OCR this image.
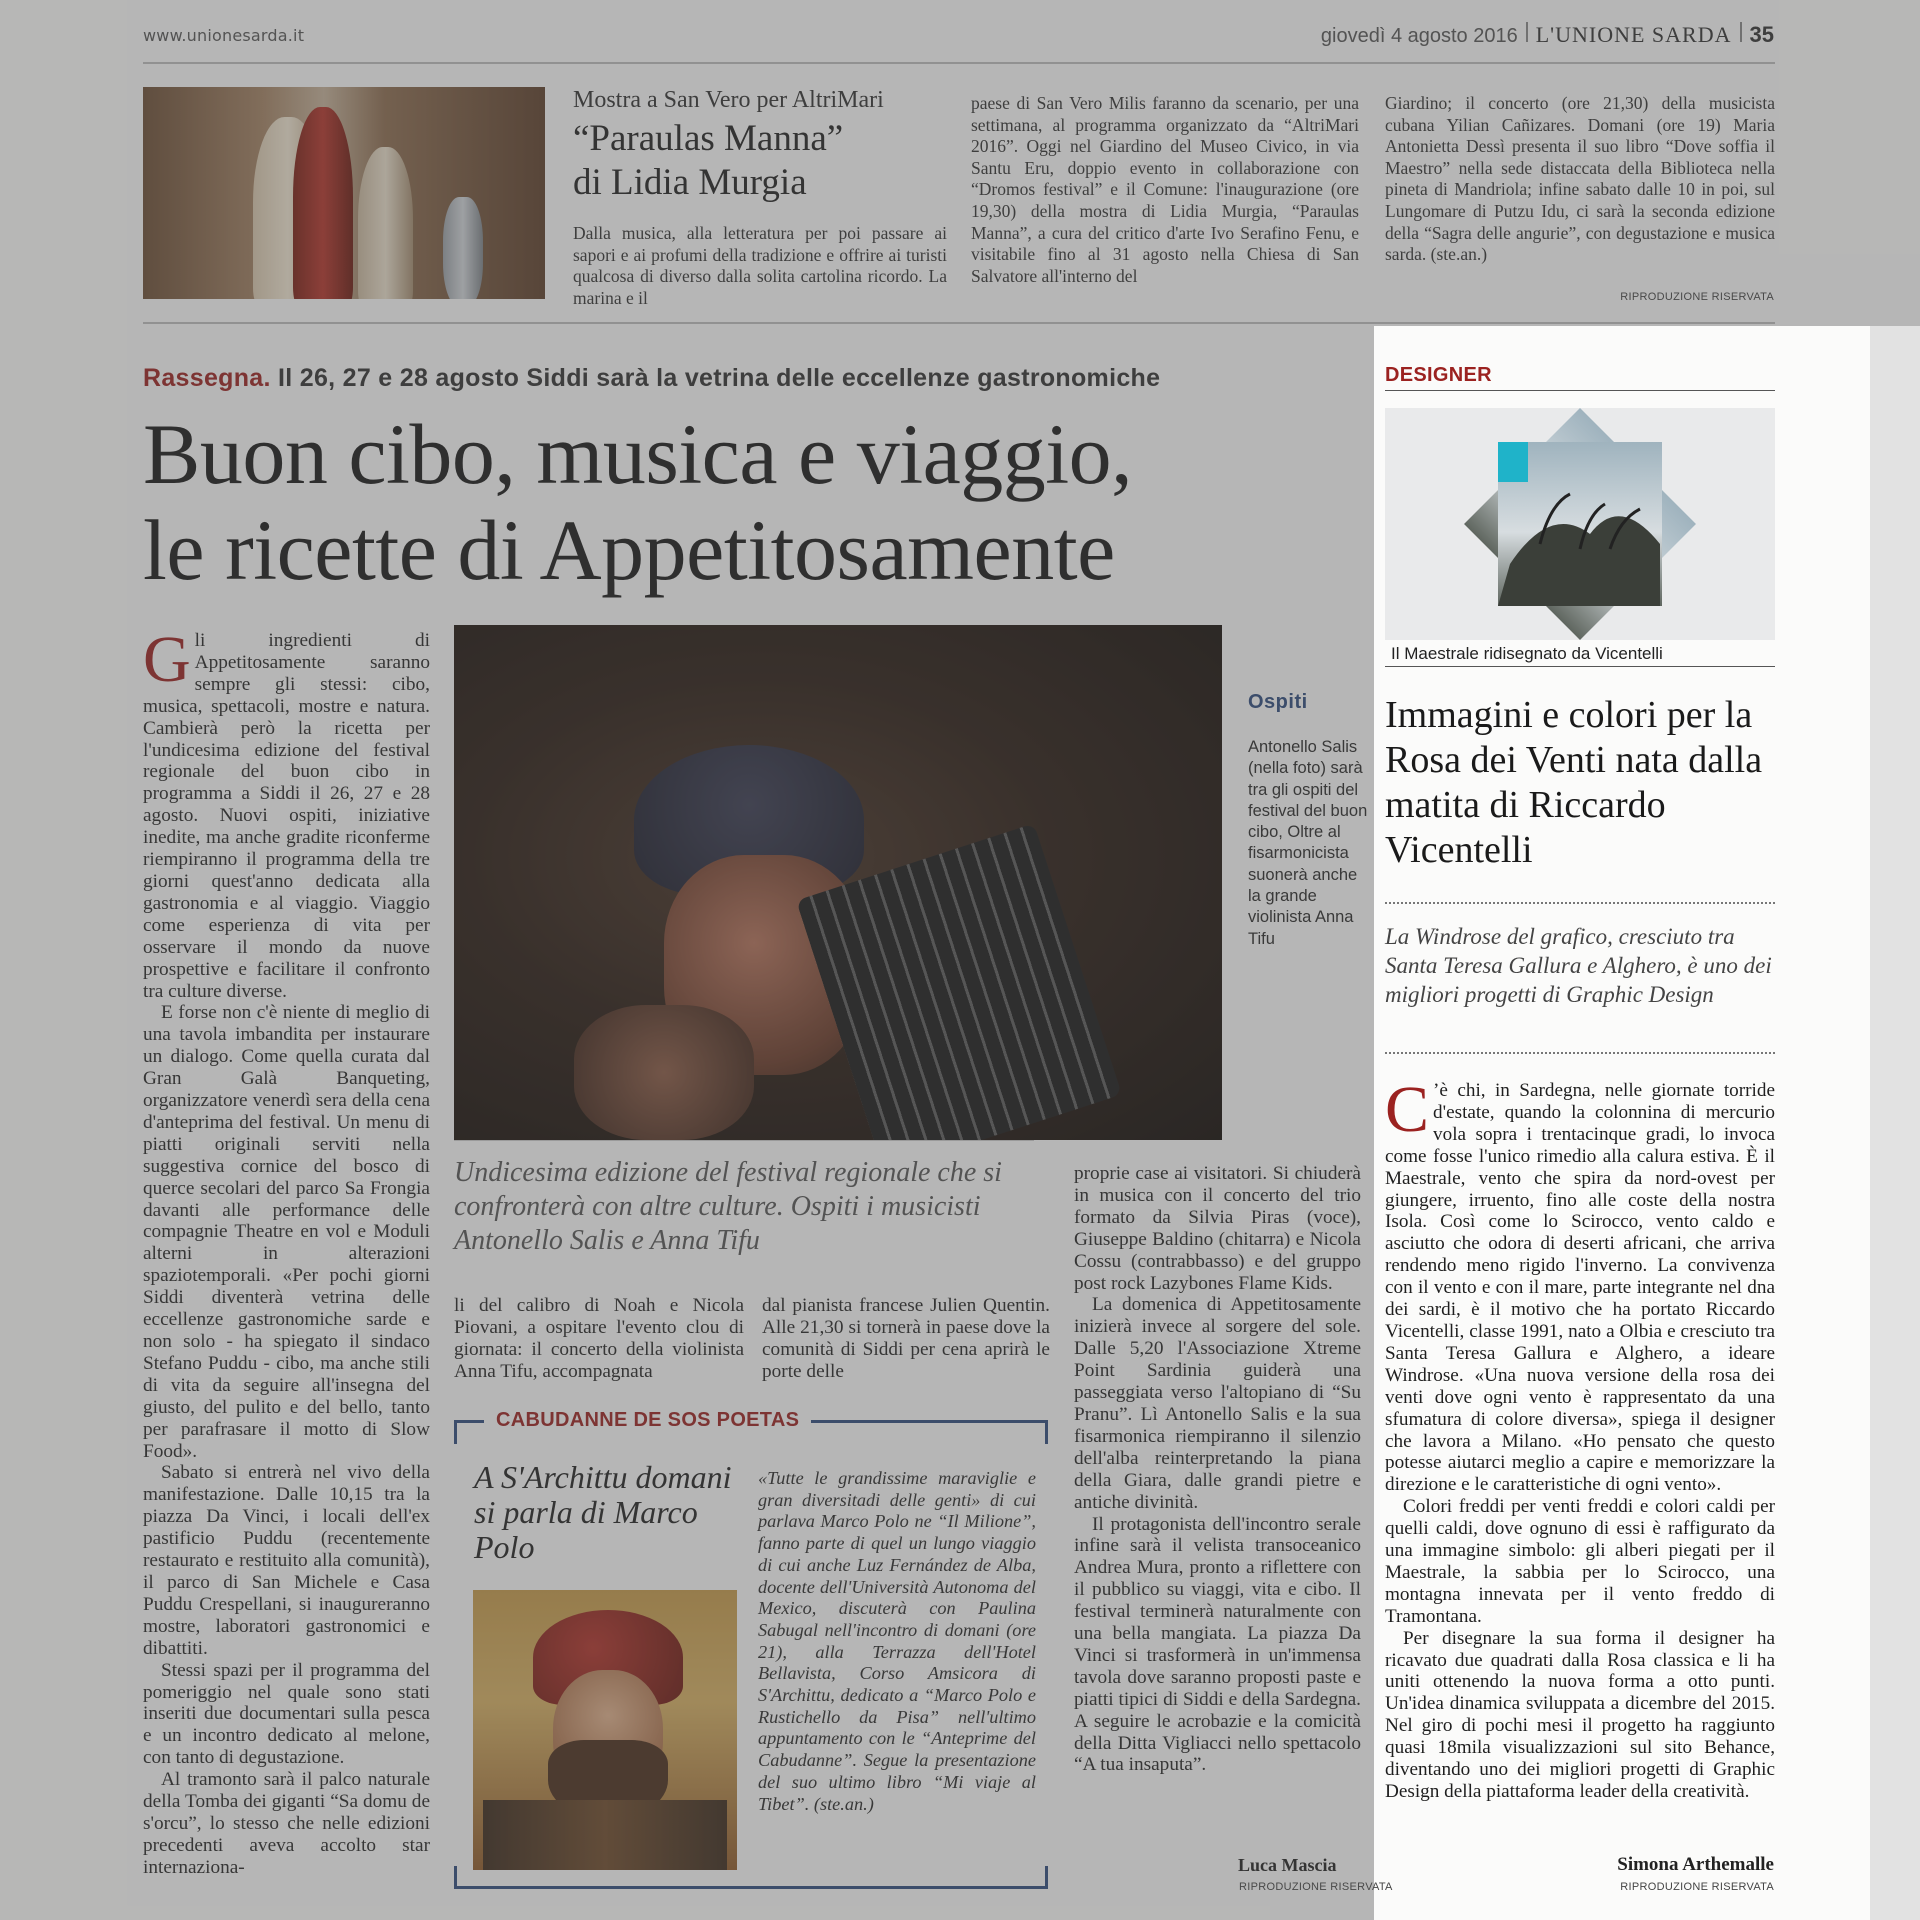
www.unionesarda.it	giovedì 4 agosto 2016 L'UNIONE SARDA 35
Mostra a San Vero per AltriMari
“Paraulas Manna”
di Lidia Murgia
Dalla musica, alla letteratura per poi passare ai sapori e ai profumi della tradizione e offrire ai turisti qualcosa di diverso dalla solita cartolina ricordo. La marina e il
paese di San Vero Milis faranno da scenario, per una settimana, al programma organizzato da “AltriMari 2016”. Oggi nel Giardino del Museo Civico, in via Santu Eru, doppio evento in collaborazione con “Dromos festival” e il Comune: l'inaugurazione (ore 19,30) della mostra di Lidia Murgia, “Paraulas Manna”, a cura del critico d'arte Ivo Serafino Fenu, e visitabile fino al 31 agosto nella Chiesa di San Salvatore all'interno del
Giardino; il concerto (ore 21,30) della musicista cubana Yilian Cañizares. Domani (ore 19) Maria Antonietta Dessì presenta il suo libro “Dove soffia il Maestro” nella sede distaccata della Biblioteca nella pineta di Mandriola; infine sabato dalle 10 in poi, sul Lungomare di Putzu Idu, ci sarà la seconda edizione della “Sagra delle angurie”, con degustazione e musica sarda. (ste.an.)
RIPRODUZIONE RISERVATA
Rassegna. Il 26, 27 e 28 agosto Siddi sarà la vetrina delle eccellenze gastronomiche
Buon cibo, musica e viaggio,
le ricette di Appetitosamente

Gli ingredienti di Appetitosamente saranno sempre gli stessi: cibo, musica, spettacoli, mostre e natura. Cambierà però la ricetta per l'undicesima edizione del festival regionale del buon cibo in programma a Siddi il 26, 27 e 28 agosto. Nuovi ospiti, iniziative inedite, ma anche gradite riconferme riempiranno il programma della tre giorni quest'anno dedicata alla gastronomia e al viaggio. Viaggio come esperienza di vita per osservare il mondo da nuove prospettive e facilitare il confronto tra culture diverse.

E forse non c'è niente di meglio di una tavola imbandita per instaurare un dialogo. Come quella curata dal Gran Galà Banqueting, organizzatore venerdì sera della cena d'anteprima del festival. Un menu di piatti originali serviti nella suggestiva cornice del bosco di querce secolari del parco Sa Frongia davanti alle performance delle compagnie Theatre en vol e Moduli alterni in alterazioni spaziotemporali. «Per pochi giorni Siddi diventerà vetrina delle eccellenze gastronomiche sarde e non solo - ha spiegato il sindaco Stefano Puddu - cibo, ma anche stili di vita da seguire all'insegna del giusto, del pulito e del bello, tanto per parafrasare il motto di Slow Food».

Sabato si entrerà nel vivo della manifestazione. Dalle 10,15 tra la piazza Da Vinci, i locali dell'ex pastificio Puddu (recentemente restaurato e restituito alla comunità), il parco di San Michele e Casa Puddu Crespellani, si inaugureranno mostre, laboratori gastronomici e dibattiti.

Stessi spazi per il programma del pomeriggio nel quale sono stati inseriti due documentari sulla pesca e un incontro dedicato al melone, con tanto di degustazione.

Al tramonto sarà il palco naturale della Tomba dei giganti “Sa domu de s'orcu”, lo stesso che nelle edizioni precedenti aveva accolto star internaziona-

Ospiti
Antonello Salis (nella foto) sarà tra gli ospiti del festival del buon cibo, Oltre al fisarmonicista suonerà anche la grande violinista Anna Tifu
Undicesima edizione del festival regionale che si confronterà con altre culture. Ospiti i musicisti Antonello Salis e Anna Tifu
li del calibro di Noah e Nicola Piovani, a ospitare l'evento clou di giornata: il concerto della violinista Anna Tifu, accompagnata
dal pianista francese Julien Quentin. Alle 21,30 si tornerà in paese dove la comunità di Siddi per cena aprirà le porte delle

proprie case ai visitatori. Si chiuderà in musica con il concerto del trio formato da Silvia Piras (voce), Giuseppe Baldino (chitarra) e Nicola Cossu (contrabbasso) e del gruppo post rock Lazybones Flame Kids.

La domenica di Appetitosamente inizierà invece al sorgere del sole. Dalle 5,20 l'Associazione Xtreme Point Sardinia guiderà una passeggiata verso l'altopiano di “Su Pranu”. Lì Antonello Salis e la sua fisarmonica riempiranno il silenzio dell'alba reinterpretando la piana della Giara, dalle grandi pietre e antiche divinità.

Il protagonista dell'incontro serale infine sarà il velista transoceanico Andrea Mura, pronto a riflettere con il pubblico su viaggi, vita e cibo. Il festival terminerà naturalmente con una bella mangiata. La piazza Da Vinci si trasformerà in un'immensa tavola dove saranno proposti paste e piatti tipici di Siddi e della Sardegna. A seguire le acrobazie e la comicità della Ditta Vigliacci nello spettacolo “A tua insaputa”.

Luca Mascia
RIPRODUZIONE RISERVATA
CABUDANNE DE SOS POETAS
A S'Archittu domani si parla di Marco Polo
«Tutte le grandissime maraviglie e gran diversitadi delle genti» di cui parlava Marco Polo ne “Il Milione”, fanno parte di quel un lungo viaggio di cui anche Luz Fernández de Alba, docente dell'Università Autonoma del Mexico, discuterà con Paulina Sabugal nell'incontro di domani (ore 21), alla Terrazza dell'Hotel Bellavista, Corso Amsicora di S'Archittu, dedicato a “Marco Polo e Rustichello da Pisa” nell'ultimo appuntamento con le “Anteprime del Cabudanne”. Segue la presentazione del suo ultimo libro “Mi viaje al Tibet”. (ste.an.)
DESIGNER
Il Maestrale ridisegnato da Vicentelli
Immagini e colori per la Rosa dei Venti nata dalla matita di Riccardo Vicentelli
La Windrose del grafico, cresciuto tra Santa Teresa Gallura e Alghero, è uno dei migliori progetti di Graphic Design

C ’è chi, in Sardegna, nelle giornate torride d'estate, quando la colonnina di mercurio vola sopra i trentacinque gradi, lo invoca come fosse l'unico rimedio alla calura estiva. È il Maestrale, vento che spira da nord-ovest per giungere, irruento, fino alle coste della nostra Isola. Così come lo Scirocco, vento caldo e asciutto che odora di deserti africani, che arriva rendendo meno rigido l'inverno. La convivenza con il vento e con il mare, parte integrante nel dna dei sardi, è il motivo che ha portato Riccardo Vicentelli, classe 1991, nato a Olbia e cresciuto tra Santa Teresa Gallura e Alghero, a ideare Windrose. «Una nuova versione della rosa dei venti dove ogni vento è rappresentato da una sfumatura di colore diversa», spiega il designer che lavora a Milano. «Ho pensato che questo potesse aiutarci meglio a capire e memorizzare la direzione e le caratteristiche di ogni vento».

Colori freddi per venti freddi e colori caldi per quelli caldi, dove ognuno di essi è raffigurato da una immagine simbolo: gli alberi piegati per il Maestrale, la sabbia per lo Scirocco, una montagna innevata per il vento freddo di Tramontana.

Per disegnare la sua forma il designer ha ricavato due quadrati dalla Rosa classica e li ha uniti ottenendo la nuova forma a otto punti. Un'idea dinamica sviluppata a dicembre del 2015. Nel giro di pochi mesi il progetto ha raggiunto quasi 18mila visualizzazioni sul sito Behance, diventando uno dei migliori progetti di Graphic Design della piattaforma leader della creatività.

Simona Arthemalle
RIPRODUZIONE RISERVATA
